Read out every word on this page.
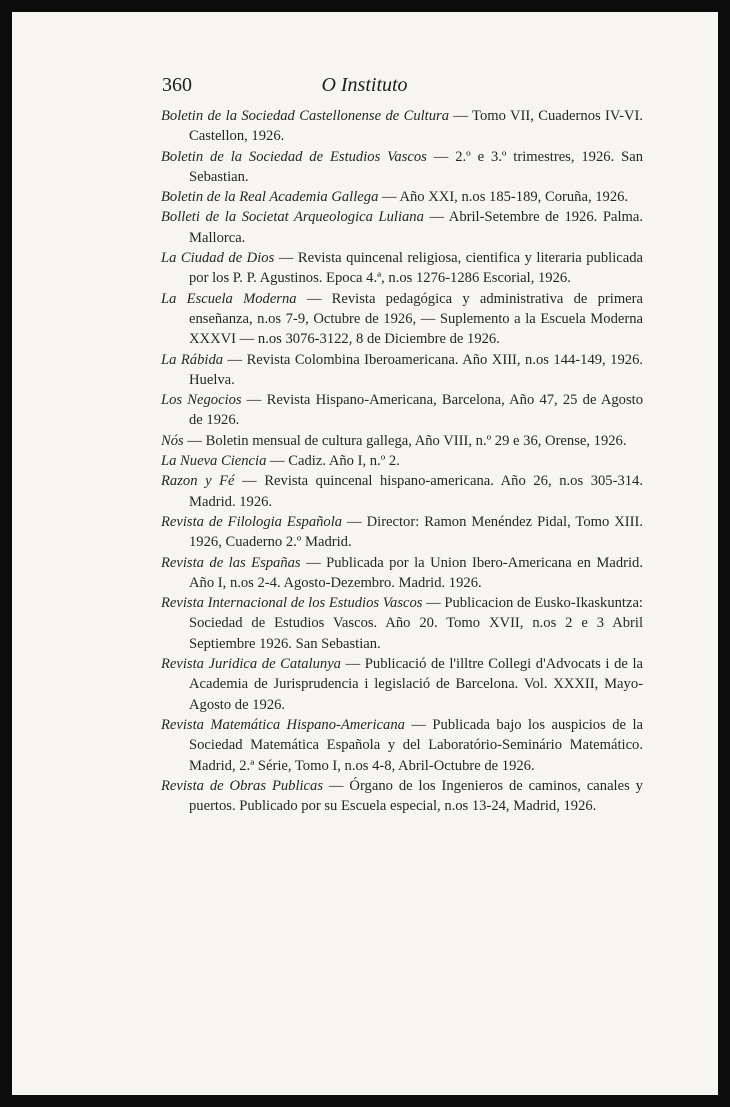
360	O Instituto

Boletin de la Sociedad Castellonense de Cultura — Tomo VII, Cuadernos IV-VI. Castellon, 1926.

Boletin de la Sociedad de Estudios Vascos — 2.º e 3.º trimestres, 1926. San Sebastian.

Boletin de la Real Academia Gallega — Año XXI, n.os 185-189, Coruña, 1926.

Bolleti de la Societat Arqueologica Luliana — Abril-Setembre de 1926. Palma. Mallorca.

La Ciudad de Dios — Revista quincenal religiosa, cientifica y literaria publicada por los P. P. Agustinos. Epoca 4.ª, n.os 1276-1286 Escorial, 1926.

La Escuela Moderna — Revista pedagógica y administrativa de primera enseñanza, n.os 7-9, Octubre de 1926, — Suplemento a la Escuela Moderna XXXVI — n.os 3076-3122, 8 de Diciembre de 1926.

La Rábida — Revista Colombina Iberoamericana. Año XIII, n.os 144-149, 1926. Huelva.

Los Negocios — Revista Hispano-Americana, Barcelona, Año 47, 25 de Agosto de 1926.

Nós — Boletin mensual de cultura gallega, Año VIII, n.º 29 e 36, Orense, 1926.

La Nueva Ciencia — Cadiz. Año I, n.º 2.

Razon y Fé — Revista quincenal hispano-americana. Año 26, n.os 305-314. Madrid. 1926.

Revista de Filologia Española — Director: Ramon Menéndez Pidal, Tomo XIII. 1926, Cuaderno 2.º Madrid.

Revista de las Españas — Publicada por la Union Ibero-Americana en Madrid. Año I, n.os 2-4. Agosto-Dezembro. Madrid. 1926.

Revista Internacional de los Estudios Vascos — Publicacion de Eusko-Ikaskuntza: Sociedad de Estudios Vascos. Año 20. Tomo XVII, n.os 2 e 3 Abril Septiembre 1926. San Sebastian.

Revista Juridica de Catalunya — Publicació de l'illtre Collegi d'Advocats i de la Academia de Jurisprudencia i legislació de Barcelona. Vol. XXXII, Mayo-Agosto de 1926.

Revista Matemática Hispano-Americana — Publicada bajo los auspicios de la Sociedad Matemática Española y del Laboratório-Seminário Matemático. Madrid, 2.ª Série, Tomo I, n.os 4-8, Abril-Octubre de 1926.

Revista de Obras Publicas — Órgano de los Ingenieros de caminos, canales y puertos. Publicado por su Escuela especial, n.os 13-24, Madrid, 1926.
